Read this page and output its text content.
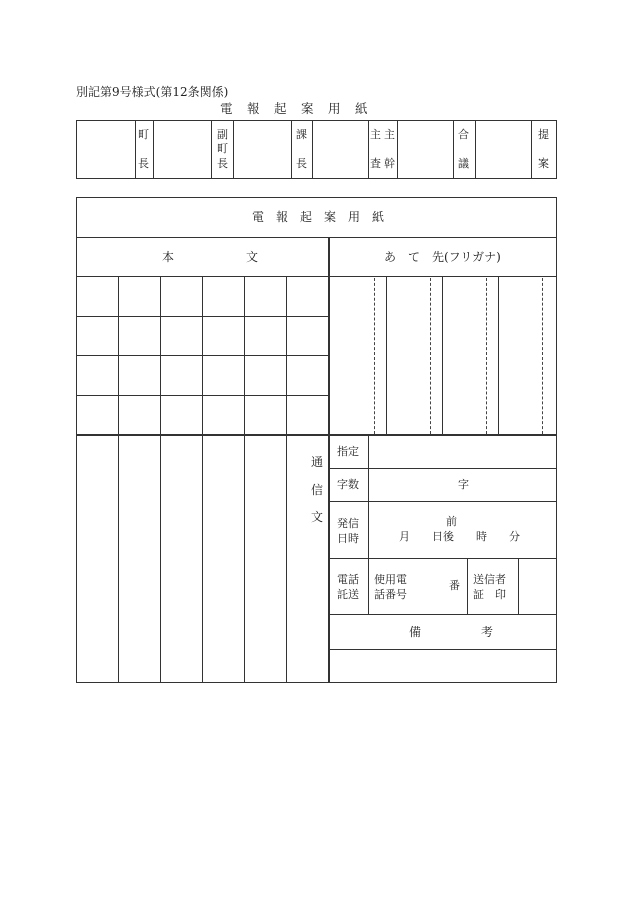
別記第9号様式(第12条関係)
電　報　起　案　用　紙
町

長
副
町
長
課

長
主

査
主

幹
合

議
提

案
電　報　起　案　用　紙
本　　　　　　文	あ　て　先(フリガナ)
通

信

文
指定
字数	字
発信
日時
前
月　　日後　　時　　分
電話
託送
使用電
話番号
番 送信者
証　印
備　　　　　考
